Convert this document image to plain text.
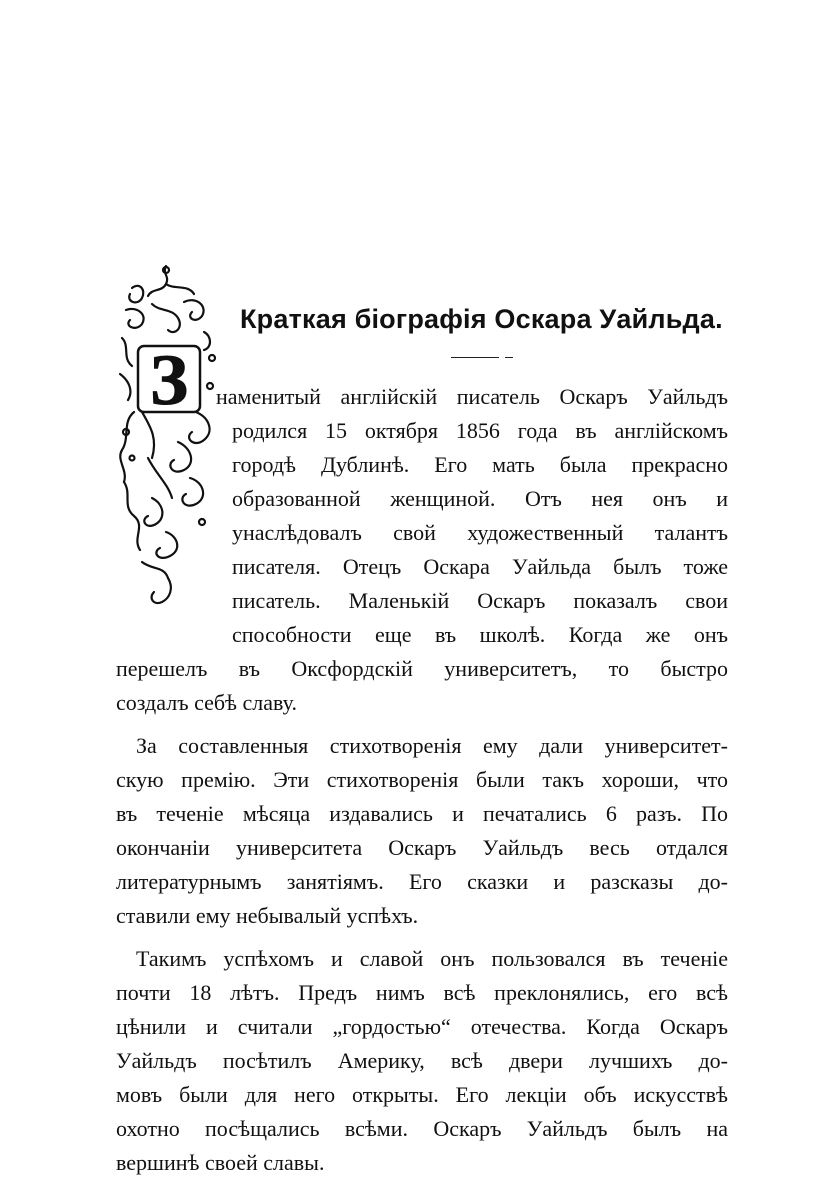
З
Краткая біографія Оскара Уайльда.
наменитый англійскій писатель Оскаръ Уайльдъ
родился 15 октября 1856 года въ англійскомъ
городѣ Дублинѣ. Его мать была прекрасно
образованной женщиной. Отъ нея онъ и
унаслѣдовалъ свой художественный талантъ
писателя. Отецъ Оскара Уайльда былъ тоже
писатель. Маленькій Оскаръ показалъ свои
способности еще въ школѣ. Когда же онъ
перешелъ въ Оксфордскій университетъ, то быстро
создалъ себѣ славу.
За составленныя стихотворенія ему дали университет-
скую премію. Эти стихотворенія были такъ хороши, что
въ теченіе мѣсяца издавались и печатались 6 разъ. По
окончаніи университета Оскаръ Уайльдъ весь отдался
литературнымъ занятіямъ. Его сказки и разсказы до-
ставили ему небывалый успѣхъ.
Такимъ успѣхомъ и славой онъ пользовался въ теченіе
почти 18 лѣтъ. Предъ нимъ всѣ преклонялись, его всѣ
цѣнили и считали „гордостью“ отечества. Когда Оскаръ
Уайльдъ посѣтилъ Америку, всѣ двери лучшихъ до-
мовъ были для него открыты. Его лекціи объ искусствѣ
охотно посѣщались всѣми. Оскаръ Уайльдъ былъ на
вершинѣ своей славы.
